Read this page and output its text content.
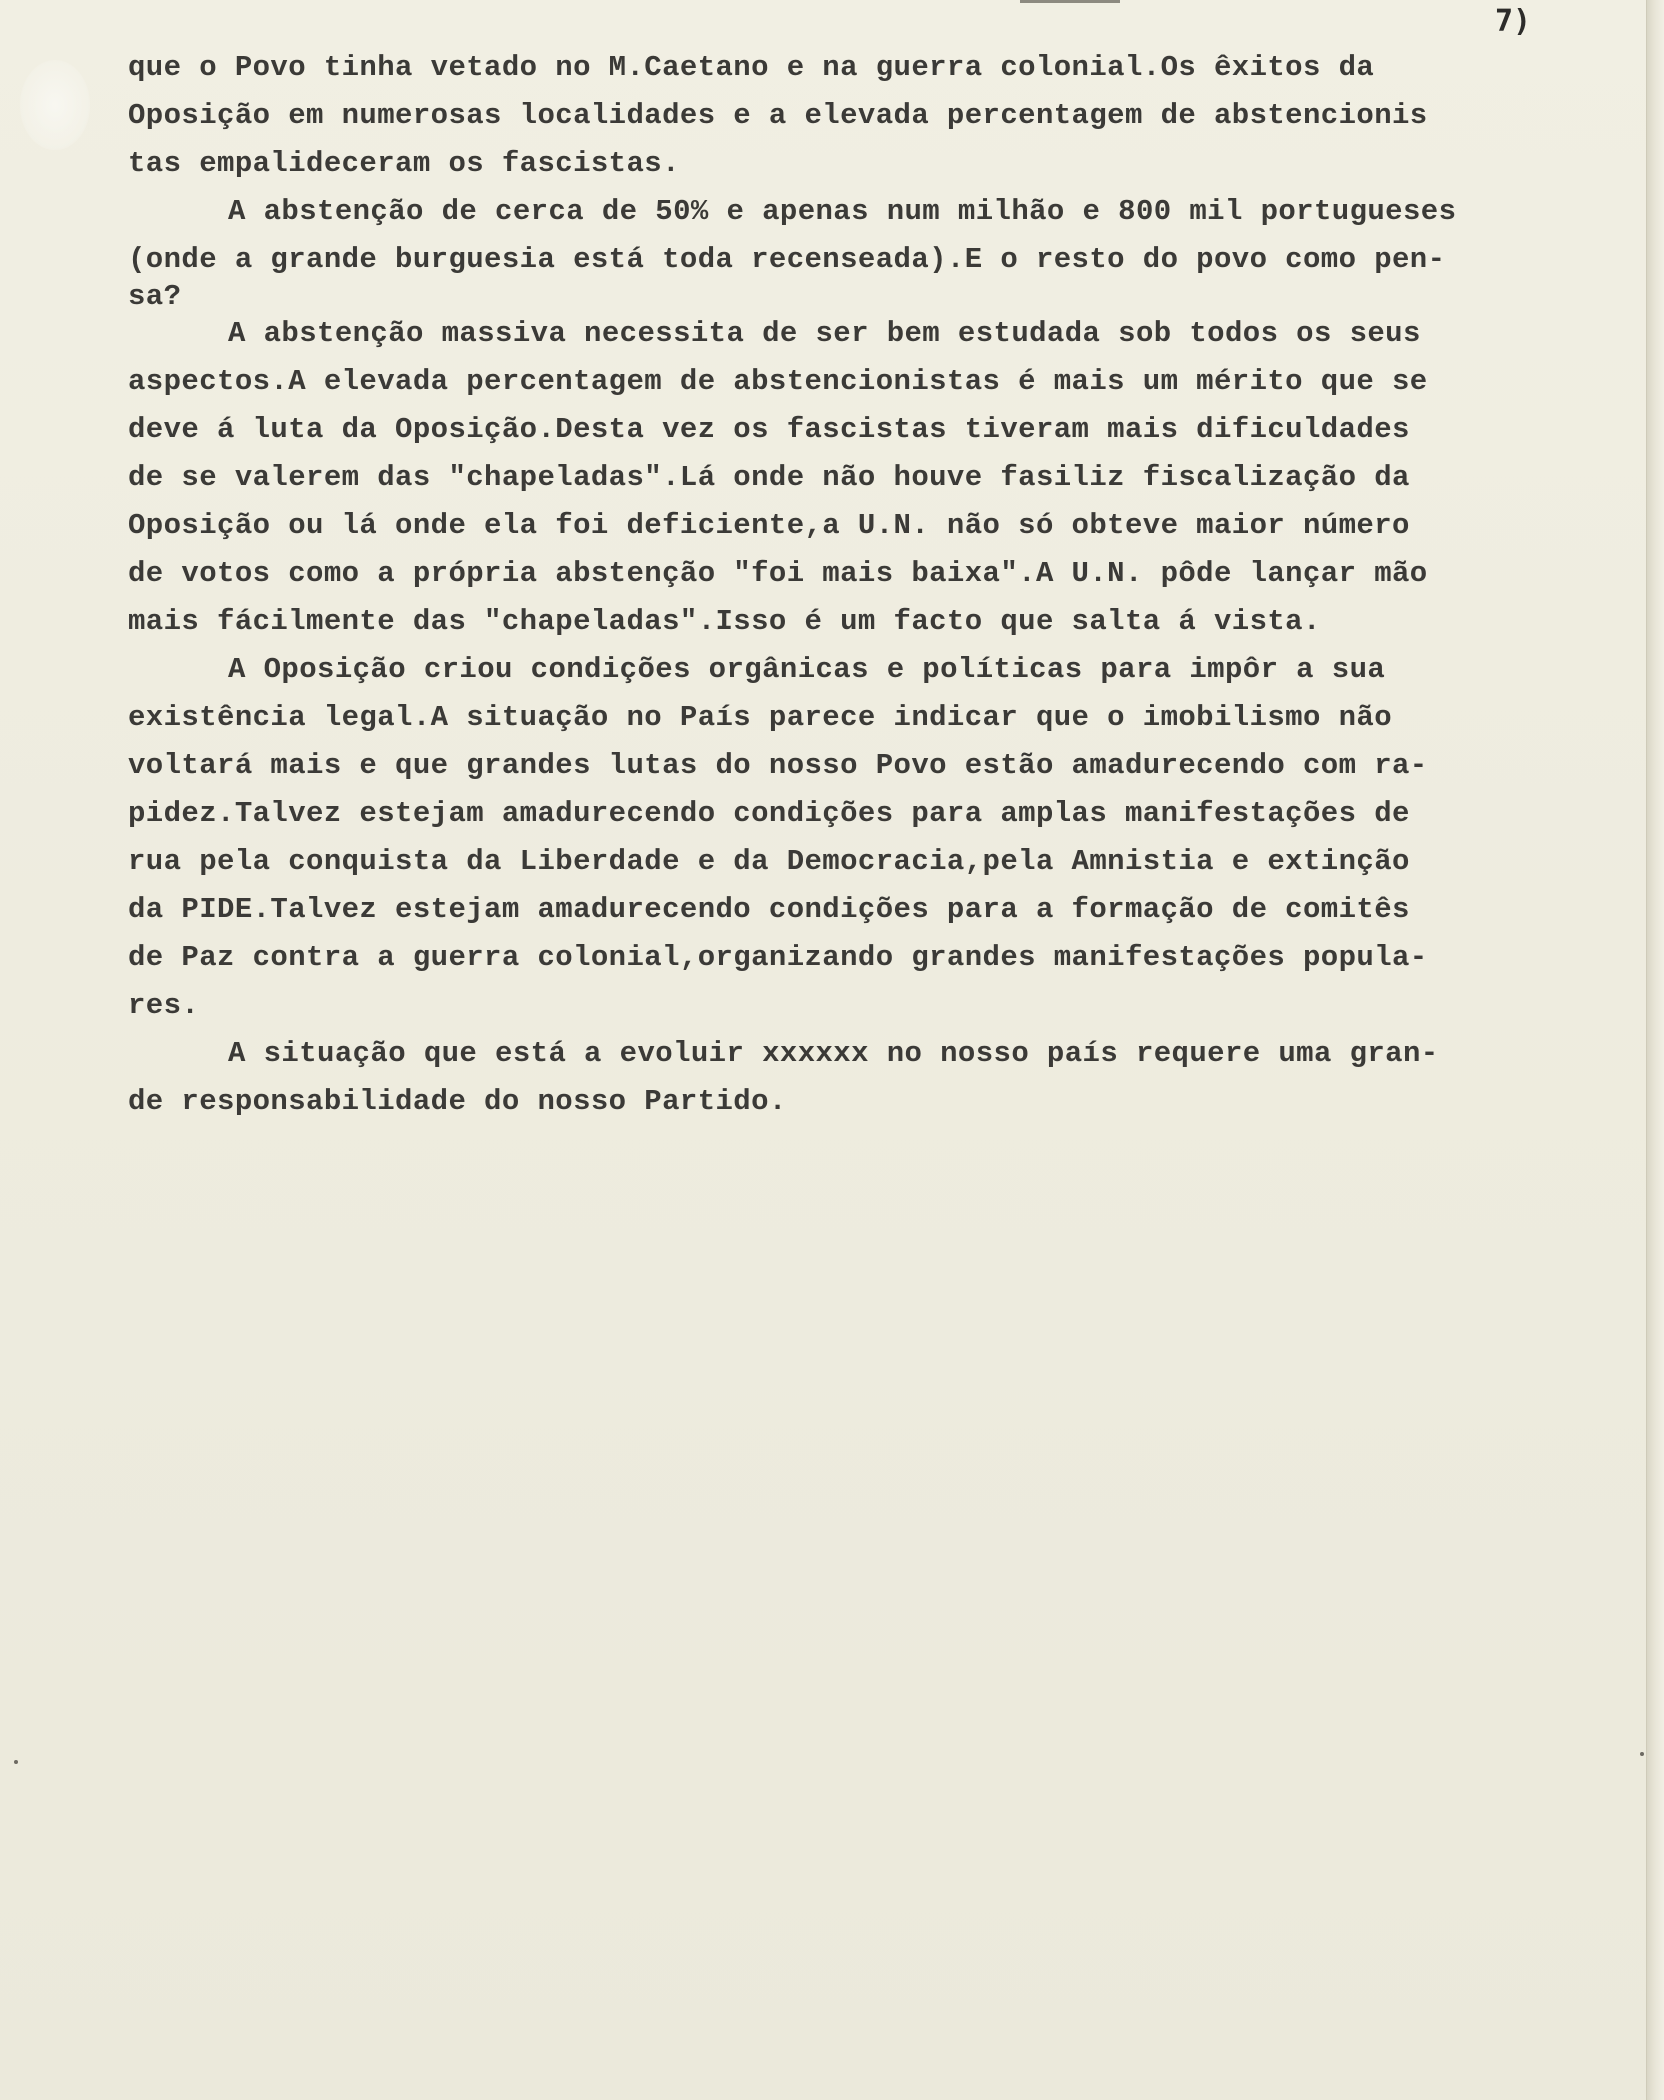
7)
que o Povo tinha vetado no M.Caetano e na guerra colonial.Os êxitos da
Oposição em numerosas localidades e a elevada percentagem de abstencionis
tas empalideceram os fascistas.
A abstenção de cerca de 50% e apenas num milhão e 800 mil portugueses
(onde a grande burguesia está toda recenseada).E o resto do povo como pen-
sa?
A abstenção massiva necessita de ser bem estudada sob todos os seus
aspectos.A elevada percentagem de abstencionistas é mais um mérito que se
deve á luta da Oposição.Desta vez os fascistas tiveram mais dificuldades
de se valerem das "chapeladas".Lá onde não houve fasiliz fiscalização da
Oposição ou lá onde ela foi deficiente,a U.N. não só obteve maior número
de votos como a própria abstenção "foi mais baixa".A U.N. pôde lançar mão
mais fácilmente das "chapeladas".Isso é um facto que salta á vista.
A Oposição criou condições orgânicas e políticas para impôr a sua
existência legal.A situação no País parece indicar que o imobilismo não
voltará mais e que grandes lutas do nosso Povo estão amadurecendo com ra-
pidez.Talvez estejam amadurecendo condições para amplas manifestações de
rua pela conquista da Liberdade e da Democracia,pela Amnistia e extinção
da PIDE.Talvez estejam amadurecendo condições para a formação de comitês
de Paz contra a guerra colonial,organizando grandes manifestações popula-
res.
A situação que está a evoluir xxxxxx no nosso país requere uma gran-
de responsabilidade do nosso Partido.
